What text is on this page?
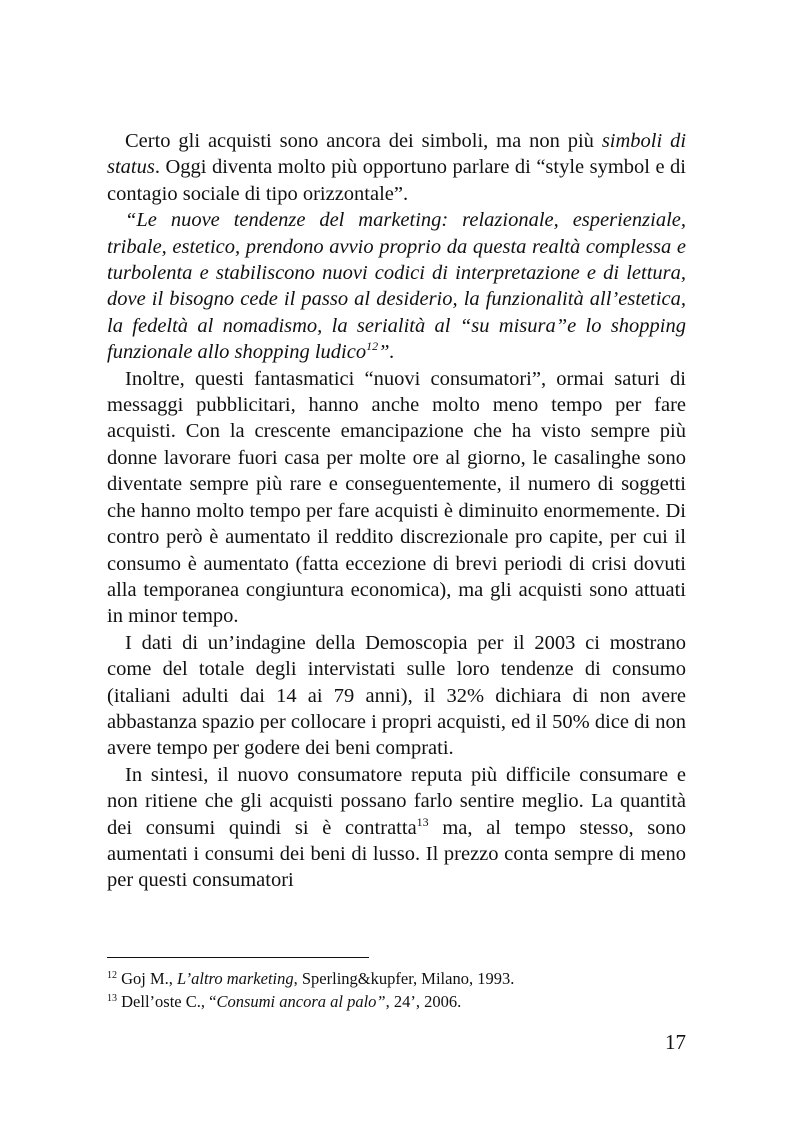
Certo gli acquisti sono ancora dei simboli, ma non più simboli di status. Oggi diventa molto più opportuno parlare di “style symbol e di contagio sociale di tipo orizzontale”.

“Le nuove tendenze del marketing: relazionale, esperienziale, tribale, estetico, prendono avvio proprio da questa realtà complessa e turbolenta e stabiliscono nuovi codici di interpretazione e di lettura, dove il bisogno cede il passo al desiderio, la funzionalità all’estetica, la fedeltà al nomadismo, la serialità al “su misura”e lo shopping funzionale allo shopping ludico$^{12}$”.

Inoltre, questi fantasmatici “nuovi consumatori”, ormai saturi di messaggi pubblicitari, hanno anche molto meno tempo per fare acquisti. Con la crescente emancipazione che ha visto sempre più donne lavorare fuori casa per molte ore al giorno, le casalinghe sono diventate sempre più rare e conseguentemente, il numero di soggetti che hanno molto tempo per fare acquisti è diminuito enormemente. Di contro però è aumentato il reddito discrezionale pro capite, per cui il consumo è aumentato (fatta eccezione di brevi periodi di crisi dovuti alla temporanea congiuntura economica), ma gli acquisti sono attuati in minor tempo.

I dati di un’indagine della Demoscopia per il 2003 ci mostrano come del totale degli intervistati sulle loro tendenze di consumo (italiani adulti dai 14 ai 79 anni), il 32% dichiara di non avere abbastanza spazio per collocare i propri acquisti, ed il 50% dice di non avere tempo per godere dei beni comprati.

In sintesi, il nuovo consumatore reputa più difficile consumare e non ritiene che gli acquisti possano farlo sentire meglio. La quantità dei consumi quindi si è contratta$^{13}$ ma, al tempo stesso, sono aumentati i consumi dei beni di lusso. Il prezzo conta sempre di meno per questi consumatori

$^{12}$ Goj M., L’altro marketing, Sperling&kupfer, Milano, 1993.

$^{13}$ Dell’oste C., “Consumi ancora al palo”, 24’, 2006.

17
